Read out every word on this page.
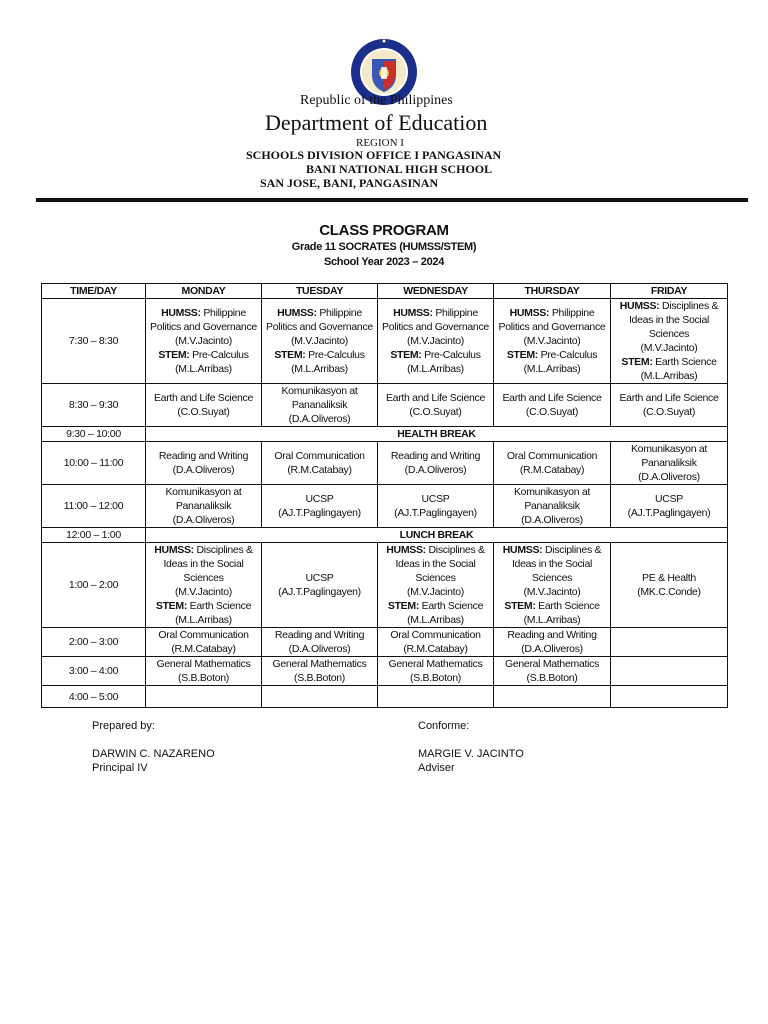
Republic of the Philippines
Department of Education
REGION I
SCHOOLS DIVISION OFFICE I PANGASINAN
BANI NATIONAL HIGH SCHOOL
SAN JOSE, BANI, PANGASINAN
CLASS PROGRAM
Grade 11 SOCRATES (HUMSS/STEM)
School Year 2023 – 2024
TIME/DAY	MONDAY	TUESDAY	WEDNESDAY	THURSDAY	FRIDAY
7:30 – 8:30	HUMSS: Philippine Politics and Governance
(M.V.Jacinto)
STEM: Pre-Calculus
(M.L.Arribas)	HUMSS: Philippine Politics and Governance
(M.V.Jacinto)
STEM: Pre-Calculus
(M.L.Arribas)	HUMSS: Philippine Politics and Governance
(M.V.Jacinto)
STEM: Pre-Calculus
(M.L.Arribas)	HUMSS: Philippine Politics and Governance
(M.V.Jacinto)
STEM: Pre-Calculus
(M.L.Arribas)	HUMSS: Disciplines & Ideas in the Social Sciences
(M.V.Jacinto)
STEM: Earth Science
(M.L.Arribas)
8:30 – 9:30	Earth and Life Science
(C.O.Suyat)	Komunikasyon at Pananaliksik
(D.A.Oliveros)	Earth and Life Science
(C.O.Suyat)	Earth and Life Science
(C.O.Suyat)	Earth and Life Science
(C.O.Suyat)
9:30 – 10:00	HEALTH BREAK				
10:00 – 11:00	Reading and Writing
(D.A.Oliveros)	Oral Communication
(R.M.Catabay)	Reading and Writing
(D.A.Oliveros)	Oral Communication
(R.M.Catabay)	Komunikasyon at Pananaliksik
(D.A.Oliveros)
11:00 – 12:00	Komunikasyon at Pananaliksik
(D.A.Oliveros)	UCSP
(AJ.T.Paglingayen)	UCSP
(AJ.T.Paglingayen)	Komunikasyon at Pananaliksik
(D.A.Oliveros)	UCSP
(AJ.T.Paglingayen)
12:00 – 1:00	LUNCH BREAK				
1:00 – 2:00	HUMSS: Disciplines & Ideas in the Social Sciences
(M.V.Jacinto)
STEM: Earth Science
(M.L.Arribas)	UCSP
(AJ.T.Paglingayen)	HUMSS: Disciplines & Ideas in the Social Sciences
(M.V.Jacinto)
STEM: Earth Science
(M.L.Arribas)	HUMSS: Disciplines & Ideas in the Social Sciences
(M.V.Jacinto)
STEM: Earth Science
(M.L.Arribas)	PE & Health
(MK.C.Conde)
2:00 – 3:00	Oral Communication
(R.M.Catabay)	Reading and Writing
(D.A.Oliveros)	Oral Communication
(R.M.Catabay)	Reading and Writing
(D.A.Oliveros)	
3:00 – 4:00	General Mathematics
(S.B.Boton)	General Mathematics
(S.B.Boton)	General Mathematics
(S.B.Boton)	General Mathematics
(S.B.Boton)	
4:00 – 5:00					
Prepared by:
DARWIN C. NAZARENO
Principal IV
Conforme:
MARGIE V. JACINTO
Adviser
